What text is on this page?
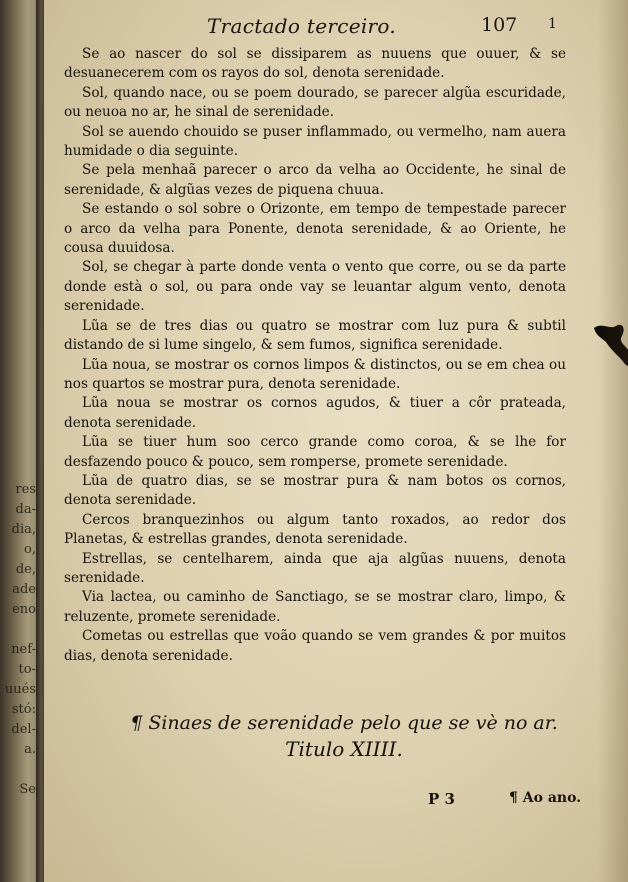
res
da-
dia,
o,
de,
ade
eno
nef-
to-
uués
stó:
del-
a.
Se
Tractado terceiro.	107 1

Se ao nascer do sol se dissiparem as nuuens que ouuer, & se desuanecerem com os rayos do sol, denota serenidade.

Sol, quando nace, ou se poem dourado, se parecer algũa escuridade, ou neuoa no ar, he sinal de serenidade.

Sol se auendo chouido se puser inflammado, ou vermelho, nam auera humidade o dia seguinte.

Se pela menhaã parecer o arco da velha ao Occidente, he sinal de serenidade, & algũas vezes de piquena chuua.

Se estando o sol sobre o Orizonte, em tempo de tempestade parecer o arco da velha para Ponente, denota serenidade, & ao Oriente, he cousa duuidosa.

Sol, se chegar à parte donde venta o vento que corre, ou se da parte donde està o sol, ou para onde vay se leuantar algum vento, denota serenidade.

Lũa se de tres dias ou quatro se mostrar com luz pura & subtil distando de si lume singelo, & sem fumos, significa serenidade.

Lũa noua, se mostrar os cornos limpos & distinctos, ou se em chea ou nos quartos se mostrar pura, denota serenidade.

Lũa noua se mostrar os cornos agudos, & tiuer a côr prateada, denota serenidade.

Lũa se tiuer hum soo cerco grande como coroa, & se lhe for desfazendo pouco & pouco, sem romperse, promete serenidade.

Lũa de quatro dias, se se mostrar pura & nam botos os cornos, denota serenidade.

Cercos branquezinhos ou algum tanto roxados, ao redor dos Planetas, & estrellas grandes, denota serenidade.

Estrellas, se centelharem, ainda que aja algũas nuuens, denota serenidade.

Via lactea, ou caminho de Sanctiago, se se mostrar claro, limpo, & reluzente, promete serenidade.

Cometas ou estrellas que voão quando se vem grandes & por muitos dias, denota serenidade.

¶ Sinaes de serenidade pelo que se vè no ar.
Titulo XIIII.
P 3	¶ Ao ano.
